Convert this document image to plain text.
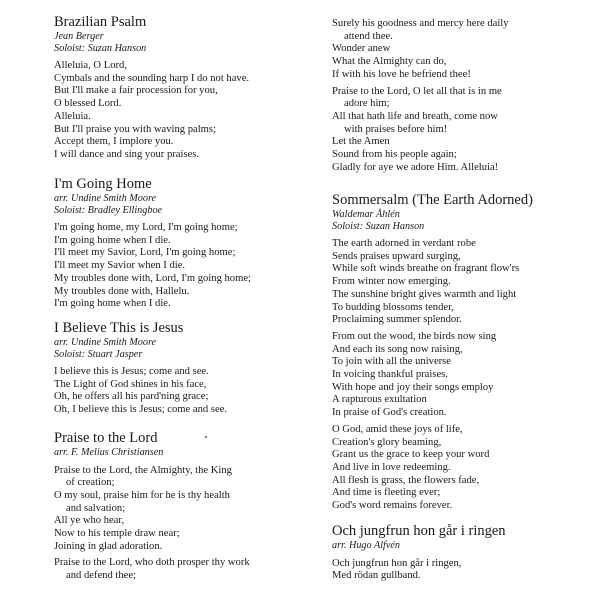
Brazilian Psalm
Jean Berger
Soloist: Suzan Hanson
Alleluia, O Lord,
Cymbals and the sounding harp I do not have.
But I'll make a fair procession for you,
O blessed Lord.
Alleluia.
But I'll praise you with waving palms;
Accept them, I implore you.
I will dance and sing your praises.
I'm Going Home
arr. Undine Smith Moore
Soloist: Bradley Ellingboe
I'm going home, my Lord, I'm going home;
I'm going home when I die.
I'll meet my Savior, Lord, I'm going home;
I'll meet my Savior when I die.
My troubles done with, Lord, I'm going home;
My troubles done with, Hallelu.
I'm going home when I die.
I Believe This is Jesus
arr. Undine Smith Moore
Soloist: Stuart Jasper
I believe this is Jesus; come and see.
The Light of God shines in his face,
Oh, he offers all his pard'ning grace;
Oh, I believe this is Jesus; come and see.
Praise to the Lord
arr. F. Melius Christiansen
Praise to the Lord, the Almighty, the King
of creation;
O my soul, praise him for he is thy health
and salvation;
All ye who hear,
Now to his temple draw near;
Joining in glad adoration.
Praise to the Lord, who doth prosper thy work
and defend thee;
Surely his goodness and mercy here daily
attend thee.
Wonder anew
What the Almighty can do,
If with his love he befriend thee!
Praise to the Lord, O let all that is in me
adore him;
All that hath life and breath, come now
with praises before him!
Let the Amen
Sound from his people again;
Gladly for aye we adore Him. Alleluia!
Sommersalm (The Earth Adorned)
Waldemar Åhlén
Soloist: Suzan Hanson
The earth adorned in verdant robe
Sends praises upward surging,
While soft winds breathe on fragrant flow'rs
From winter now emerging.
The sunshine bright gives warmth and light
To budding blossoms tender,
Proclaiming summer splendor.
From out the wood, the birds now sing
And each its song now raising,
To join with all the universe
In voicing thankful praises.
With hope and joy their songs employ
A rapturous exultation
In praise of God's creation.
O God, amid these joys of life,
Creation's glory beaming,
Grant us the grace to keep your word
And live in love redeeming.
All flesh is grass, the flowers fade,
And time is fleeting ever;
God's word remains forever.
Och jungfrun hon går i ringen
arr. Hugo Alfvén
Och jungfrun hon går i ringen,
Med rödan gullband.
